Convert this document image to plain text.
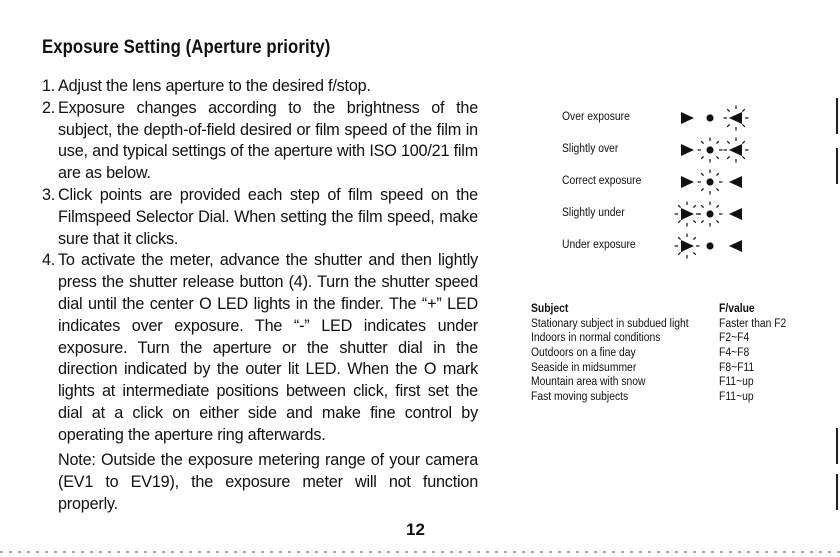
Exposure Setting (Aperture priority)
1. Adjust the lens aperture to the desired f/stop.
2. Exposure changes according to the brightness of the subject, the depth-of-field desired or film speed of the film in use, and typical settings of the aperture with ISO 100/21 film are as below.
3. Click points are provided each step of film speed on the Filmspeed Selector Dial. When setting the film speed, make sure that it clicks.
4. To activate the meter, advance the shutter and then lightly press the shutter release button (4). Turn the shutter speed dial until the center O LED lights in the finder. The “+” LED indicates over exposure. The “-” LED indicates under exposure. Turn the aperture or the shutter dial in the direction indicated by the outer lit LED. When the O mark lights at intermediate positions between click, first set the dial at a click on either side and make fine control by operating the aperture ring afterwards.
Note: Outside the exposure metering range of your camera (EV1 to EV19), the exposure meter will not function properly.
Over exposure
Slightly over
Correct exposure
Slightly under
Under exposure
Subject	F/value
Stationary subject in subdued light	Faster than F2
Indoors in normal conditions	F2~F4
Outdoors on a fine day	F4~F8
Seaside in midsummer	F8~F11
Mountain area with snow	F11~up
Fast moving subjects	F11~up
12
